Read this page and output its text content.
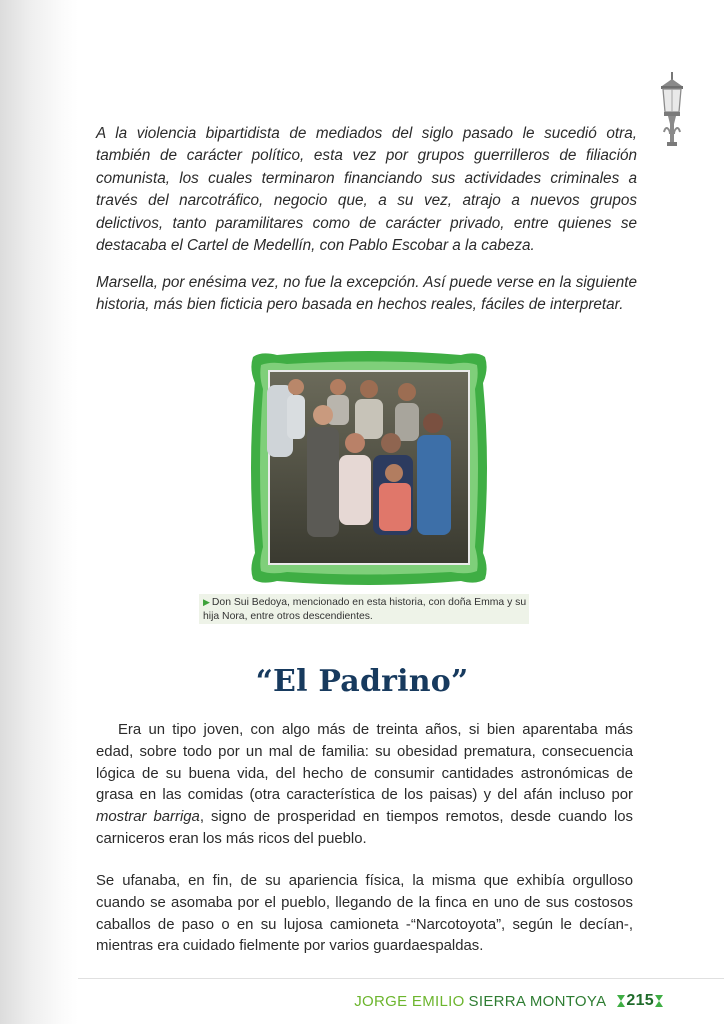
A la violencia bipartidista de mediados del siglo pasado le sucedió otra, también de carácter político, esta vez por grupos guerrilleros de filiación comunista, los cuales terminaron financiando sus actividades criminales a través del narcotráfico, negocio que, a su vez, atrajo a nuevos grupos delictivos, tanto paramilitares como de carácter privado, entre quienes se destacaba el Cartel de Medellín, con Pablo Escobar a la cabeza.

Marsella, por enésima vez, no fue la excepción. Así puede verse en la siguiente historia, más bien ficticia pero basada en hechos reales, fáciles de interpretar.

▶ Don Sui Bedoya, mencionado en esta historia, con doña Emma y su hija Nora, entre otros descendientes.
“El Padrino”

Era un tipo joven, con algo más de treinta años, si bien aparentaba más edad, sobre todo por un mal de familia: su obesidad prematura, consecuencia lógica de su buena vida, del hecho de consumir cantidades astronómicas de grasa en las comidas (otra característica de los paisas) y del afán incluso por mostrar barriga, signo de prosperidad en tiempos remotos, desde cuando los carniceros eran los más ricos del pueblo.

Se ufanaba, en fin, de su apariencia física, la misma que exhibía orgulloso cuando se asomaba por el pueblo, llegando de la finca en uno de sus costosos caballos de paso o en su lujosa camioneta -“Narcotoyota”, según le decían-, mientras era cuidado fielmente por varios guardaespaldas.

JORGE EMILIO SIERRA MONTOYA 215
